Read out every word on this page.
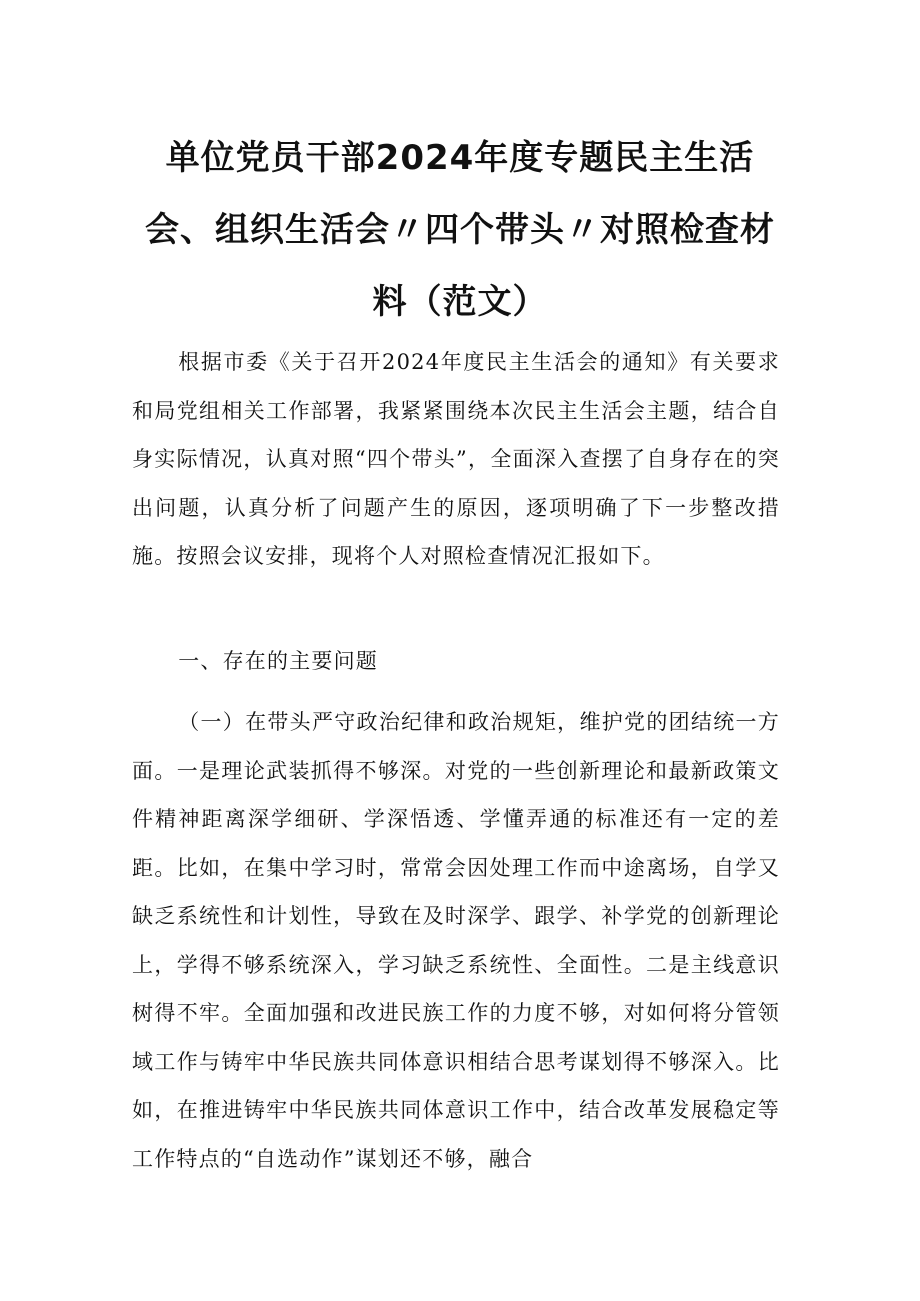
单位党员干部2024年度专题民主生活会、组织生活会〃四个带头〃对照检查材料（范文）

根据市委《关于召开2024年度民主生活会的通知》有关要求和局党组相关工作部署，我紧紧围绕本次民主生活会主题，结合自身实际情况，认真对照“四个带头”，全面深入查摆了自身存在的突出问题，认真分析了问题产生的原因，逐项明确了下一步整改措施。按照会议安排，现将个人对照检查情况汇报如下。

一、存在的主要问题

（一）在带头严守政治纪律和政治规矩，维护党的团结统一方面。一是理论武装抓得不够深。对党的一些创新理论和最新政策文件精神距离深学细研、学深悟透、学懂弄通的标准还有一定的差距。比如，在集中学习时，常常会因处理工作而中途离场，自学又缺乏系统性和计划性，导致在及时深学、跟学、补学党的创新理论上，学得不够系统深入，学习缺乏系统性、全面性。二是主线意识树得不牢。全面加强和改进民族工作的力度不够，对如何将分管领域工作与铸牢中华民族共同体意识相结合思考谋划得不够深入。比如，在推进铸牢中华民族共同体意识工作中，结合改革发展稳定等工作特点的“自选动作”谋划还不够，融合
